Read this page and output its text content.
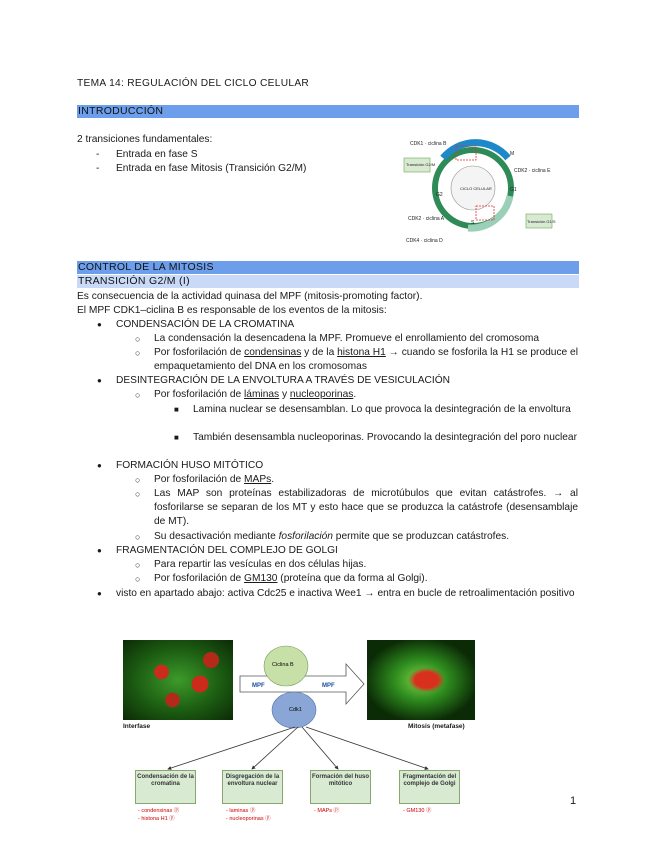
TEMA 14: REGULACIÓN DEL CICLO CELULAR
INTRODUCCIÓN
2 transiciones fundamentales:
- Entrada en fase S
- Entrada en fase Mitosis (Transición G2/M)
CDK1 · ciclina B
Transición G2/M
CICLO CELULAR
CDK2 · ciclina E
Transición G1/S
CDK2 · ciclina A
CDK4 · ciclina D
M
G1
S
G2
CONTROL DE LA MITOSIS
TRANSICIÓN G2/M (I)
Es consecuencia de la actividad quinasa del MPF (mitosis-promoting factor).
El MPF CDK1–ciclina B es responsable de los eventos de la mitosis:
● CONDENSACIÓN DE LA CROMATINA
○ La condensación la desencadena la MPF. Promueve el enrollamiento del cromosoma
○ Por fosforilación de condensinas y de la histona H1 → cuando se fosforila la H1 se produce el empaquetamiento del DNA en los cromosomas
● DESINTEGRACIÓN DE LA ENVOLTURA A TRAVÉS DE VESICULACIÓN
○ Por fosforilación de láminas y nucleoporinas.
■ Lamina nuclear se desensamblan. Lo que provoca la desintegración de la envoltura
■ También desensambla nucleoporinas. Provocando la desintegración del poro nuclear
● FORMACIÓN HUSO MITÓTICO
○ Por fosforilación de MAPs.
○ Las MAP son proteínas estabilizadoras de microtúbulos que evitan catástrofes. → al fosforilarse se separan de los MT y esto hace que se produzca la catástrofe (desensamblaje de MT).
○ Su desactivación mediante fosforilación permite que se produzcan catástrofes.
● FRAGMENTACIÓN DEL COMPLEJO DE GOLGI
○ Para repartir las vesículas en dos células hijas.
○ Por fosforilación de GM130 (proteína que da forma al Golgi).
● visto en apartado abajo: activa Cdc25 e inactiva Wee1 → entra en bucle de retroalimentación positivo
Interfase	Mitosis (metafase)
Ciclina B
Cdk1
MPF	MPF
Condensación de la cromatina
- condensinas ⓟ
- histona H1 ⓟ
Disgregación de la envoltura nuclear
- laminas ⓟ
- nucleoporinas ⓟ
Formación del huso mitótico
- MAPs ⓟ
Fragmentación del complejo de Golgi
- GM130 ⓟ
1
